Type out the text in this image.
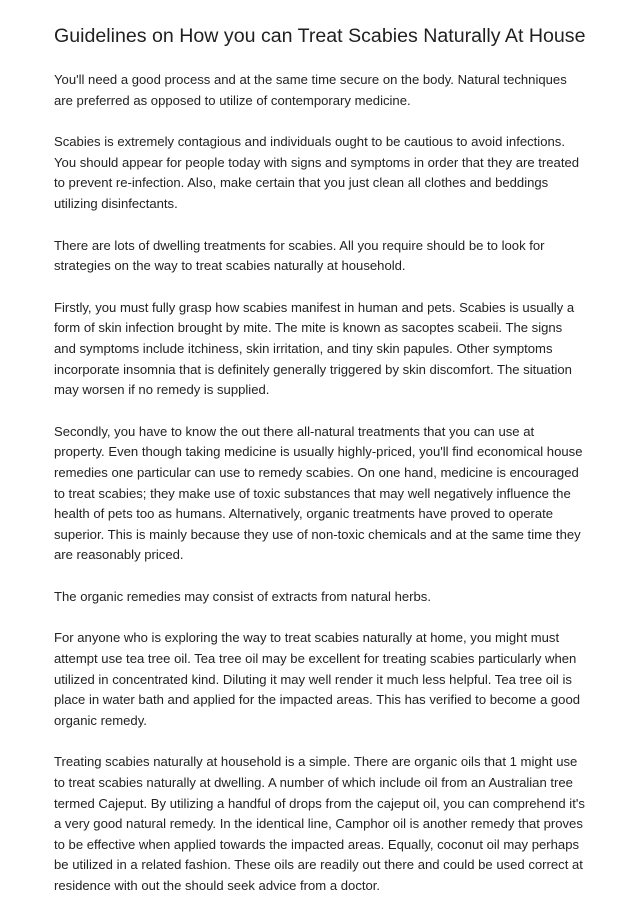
Guidelines on How you can Treat Scabies Naturally At House

You'll need a good process and at the same time secure on the body. Natural techniques are preferred as opposed to utilize of contemporary medicine.

Scabies is extremely contagious and individuals ought to be cautious to avoid infections. You should appear for people today with signs and symptoms in order that they are treated to prevent re-infection. Also, make certain that you just clean all clothes and beddings utilizing disinfectants.

There are lots of dwelling treatments for scabies. All you require should be to look for strategies on the way to treat scabies naturally at household.

Firstly, you must fully grasp how scabies manifest in human and pets. Scabies is usually a form of skin infection brought by mite. The mite is known as sacoptes scabeii. The signs and symptoms include itchiness, skin irritation, and tiny skin papules. Other symptoms incorporate insomnia that is definitely generally triggered by skin discomfort. The situation may worsen if no remedy is supplied.

Secondly, you have to know the out there all-natural treatments that you can use at property. Even though taking medicine is usually highly-priced, you'll find economical house remedies one particular can use to remedy scabies. On one hand, medicine is encouraged to treat scabies; they make use of toxic substances that may well negatively influence the health of pets too as humans. Alternatively, organic treatments have proved to operate superior. This is mainly because they use of non-toxic chemicals and at the same time they are reasonably priced.

The organic remedies may consist of extracts from natural herbs.

For anyone who is exploring the way to treat scabies naturally at home, you might must attempt use tea tree oil. Tea tree oil may be excellent for treating scabies particularly when utilized in concentrated kind. Diluting it may well render it much less helpful. Tea tree oil is place in water bath and applied for the impacted areas. This has verified to become a good organic remedy.

Treating scabies naturally at household is a simple. There are organic oils that 1 might use to treat scabies naturally at dwelling. A number of which include oil from an Australian tree termed Cajeput. By utilizing a handful of drops from the cajeput oil, you can comprehend it's a very good natural remedy. In the identical line, Camphor oil is another remedy that proves to be effective when applied towards the impacted areas. Equally, coconut oil may perhaps be utilized in a related fashion. These oils are readily out there and could be used correct at residence with out the should seek advice from a doctor.
